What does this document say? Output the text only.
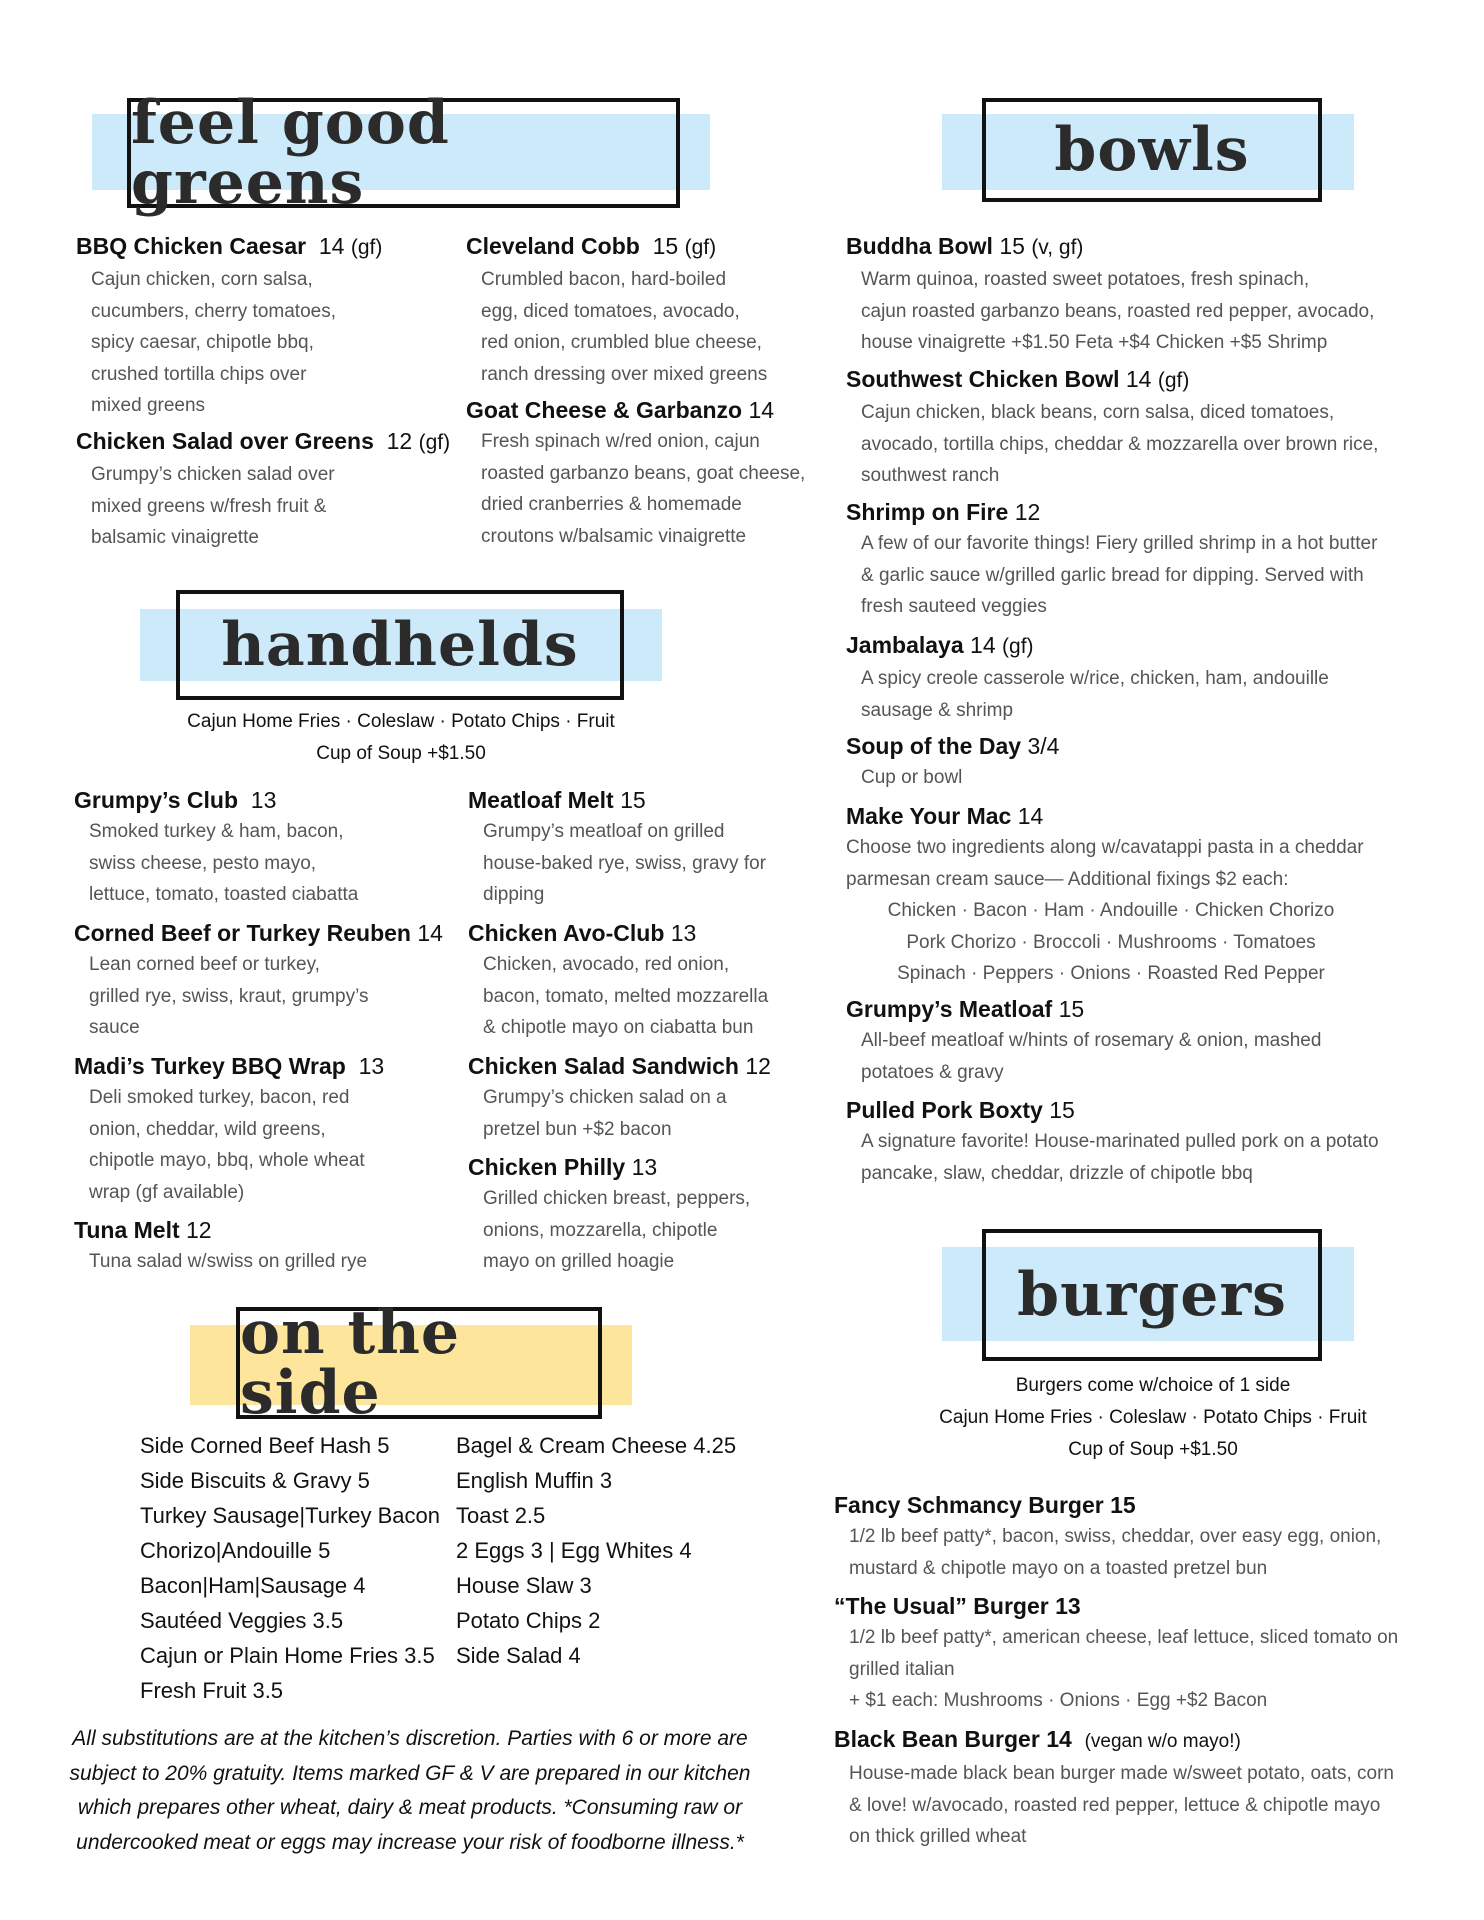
feel good greens	bowls
handhelds
burgers
on the side
BBQ Chicken Caesar 14 (gf)
Cajun chicken, corn salsa,
cucumbers, cherry tomatoes,
spicy caesar, chipotle bbq,
crushed tortilla chips over
mixed greens
Chicken Salad over Greens 12 (gf)
Grumpy’s chicken salad over
mixed greens w/fresh fruit &
balsamic vinaigrette
Cleveland Cobb 15 (gf)
Crumbled bacon, hard-boiled
egg, diced tomatoes, avocado,
red onion, crumbled blue cheese,
ranch dressing over mixed greens
Goat Cheese & Garbanzo 14
Fresh spinach w/red onion, cajun
roasted garbanzo beans, goat cheese,
dried cranberries & homemade
croutons w/balsamic vinaigrette
Cajun Home Fries · Coleslaw · Potato Chips · Fruit
Cup of Soup +$1.50
Grumpy’s Club 13
Smoked turkey & ham, bacon,
swiss cheese, pesto mayo,
lettuce, tomato, toasted ciabatta
Corned Beef or Turkey Reuben 14
Lean corned beef or turkey,
grilled rye, swiss, kraut, grumpy’s
sauce
Madi’s Turkey BBQ Wrap 13
Deli smoked turkey, bacon, red
onion, cheddar, wild greens,
chipotle mayo, bbq, whole wheat
wrap (gf available)
Tuna Melt 12
Tuna salad w/swiss on grilled rye
Meatloaf Melt 15
Grumpy’s meatloaf on grilled
house-baked rye, swiss, gravy for
dipping
Chicken Avo-Club 13
Chicken, avocado, red onion,
bacon, tomato, melted mozzarella
& chipotle mayo on ciabatta bun
Chicken Salad Sandwich 12
Grumpy’s chicken salad on a
pretzel bun +$2 bacon
Chicken Philly 13
Grilled chicken breast, peppers,
onions, mozzarella, chipotle
mayo on grilled hoagie
Buddha Bowl 15 (v, gf)
Warm quinoa, roasted sweet potatoes, fresh spinach,
cajun roasted garbanzo beans, roasted red pepper, avocado,
house vinaigrette +$1.50 Feta +$4 Chicken +$5 Shrimp
Southwest Chicken Bowl 14 (gf)
Cajun chicken, black beans, corn salsa, diced tomatoes,
avocado, tortilla chips, cheddar & mozzarella over brown rice,
southwest ranch
Shrimp on Fire 12
A few of our favorite things! Fiery grilled shrimp in a hot butter
& garlic sauce w/grilled garlic bread for dipping. Served with
fresh sauteed veggies
Jambalaya 14 (gf)
A spicy creole casserole w/rice, chicken, ham, andouille
sausage & shrimp
Soup of the Day 3/4
Cup or bowl
Make Your Mac 14
Choose two ingredients along w/cavatappi pasta in a cheddar
parmesan cream sauce— Additional fixings $2 each:
Chicken · Bacon · Ham · Andouille · Chicken Chorizo
Pork Chorizo · Broccoli · Mushrooms · Tomatoes
Spinach · Peppers · Onions · Roasted Red Pepper
Grumpy’s Meatloaf 15
All-beef meatloaf w/hints of rosemary & onion, mashed
potatoes & gravy
Pulled Pork Boxty 15
A signature favorite! House-marinated pulled pork on a potato
pancake, slaw, cheddar, drizzle of chipotle bbq
Burgers come w/choice of 1 side
Cajun Home Fries · Coleslaw · Potato Chips · Fruit
Cup of Soup +$1.50
Fancy Schmancy Burger 15
1/2 lb beef patty*, bacon, swiss, cheddar, over easy egg, onion,
mustard & chipotle mayo on a toasted pretzel bun
“The Usual” Burger 13
1/2 lb beef patty*, american cheese, leaf lettuce, sliced tomato on
grilled italian
+ $1 each: Mushrooms · Onions · Egg +$2 Bacon
Black Bean Burger 14 (vegan w/o mayo!)
House-made black bean burger made w/sweet potato, oats, corn
& love! w/avocado, roasted red pepper, lettuce & chipotle mayo
on thick grilled wheat
Side Corned Beef Hash 5
Side Biscuits & Gravy 5
Turkey Sausage|Turkey Bacon
Chorizo|Andouille 5
Bacon|Ham|Sausage 4
Sautéed Veggies 3.5
Cajun or Plain Home Fries 3.5
Fresh Fruit 3.5
Bagel & Cream Cheese 4.25
English Muffin 3
Toast 2.5
2 Eggs 3 | Egg Whites 4
House Slaw 3
Potato Chips 2
Side Salad 4
All substitutions are at the kitchen’s discretion. Parties with 6 or more are
subject to 20% gratuity. Items marked GF & V are prepared in our kitchen
which prepares other wheat, dairy & meat products. *Consuming raw or
undercooked meat or eggs may increase your risk of foodborne illness.*
